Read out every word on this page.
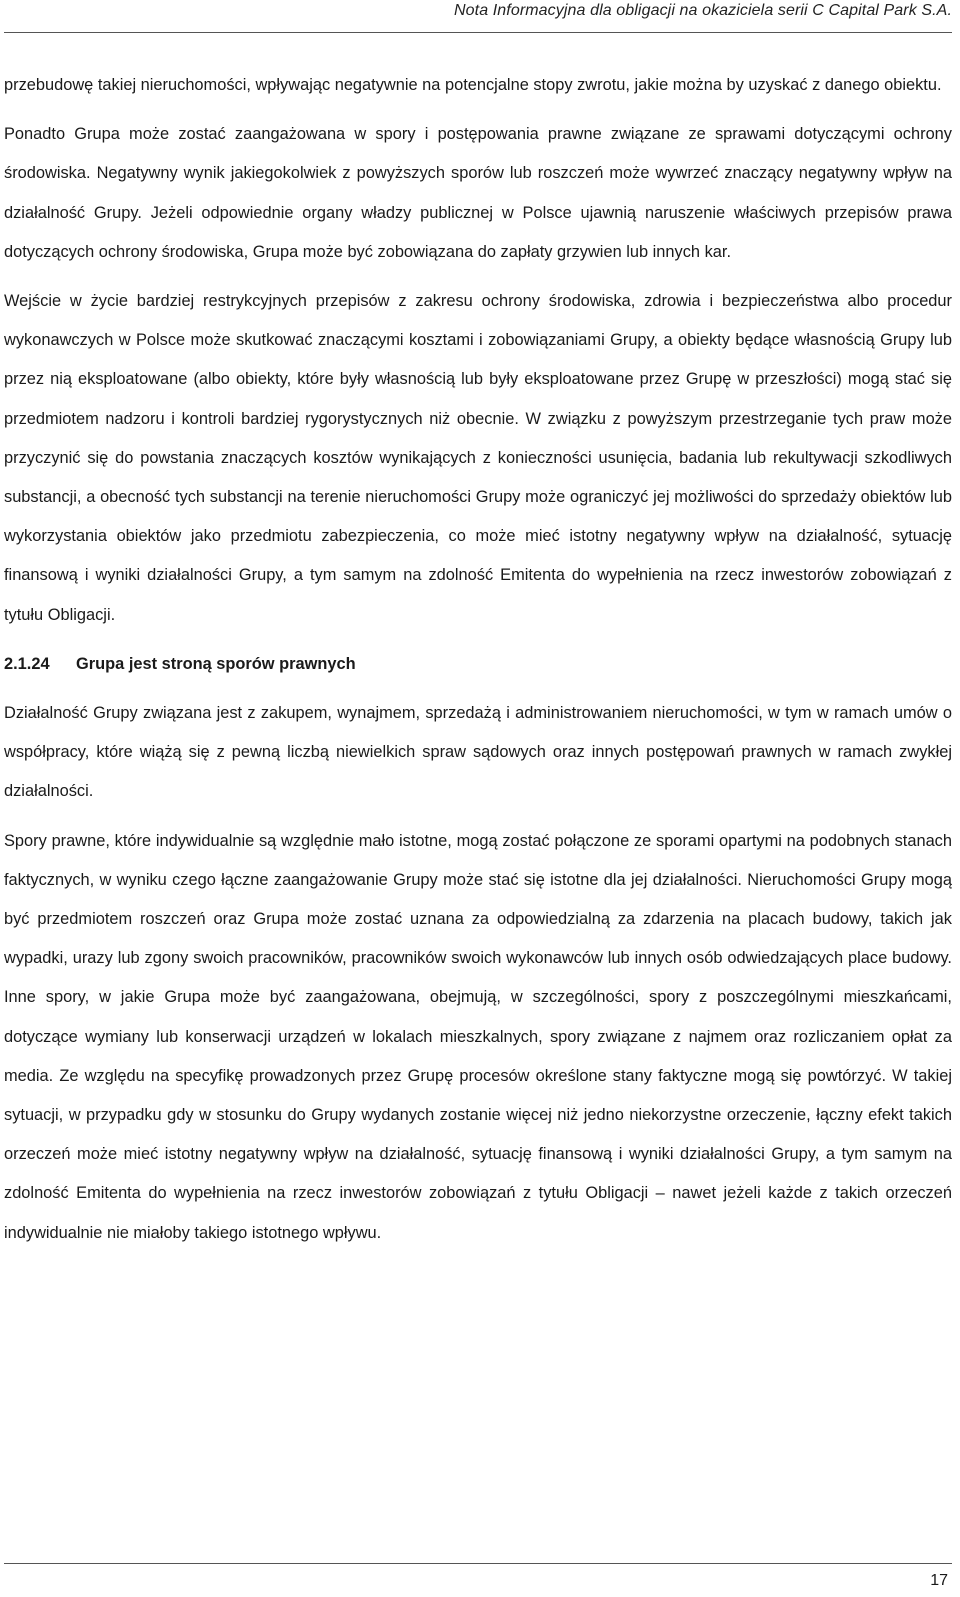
Nota Informacyjna dla obligacji na okaziciela serii C Capital Park S.A.

przebudowę takiej nieruchomości, wpływając negatywnie na potencjalne stopy zwrotu, jakie można by uzyskać z danego obiektu.

Ponadto Grupa może zostać zaangażowana w spory i postępowania prawne związane ze sprawami dotyczącymi ochrony środowiska. Negatywny wynik jakiegokolwiek z powyższych sporów lub roszczeń może wywrzeć znaczący negatywny wpływ na działalność Grupy. Jeżeli odpowiednie organy władzy publicznej w Polsce ujawnią naruszenie właściwych przepisów prawa dotyczących ochrony środowiska, Grupa może być zobowiązana do zapłaty grzywien lub innych kar.

Wejście w życie bardziej restrykcyjnych przepisów z zakresu ochrony środowiska, zdrowia i bezpieczeństwa albo procedur wykonawczych w Polsce może skutkować znaczącymi kosztami i zobowiązaniami Grupy, a obiekty będące własnością Grupy lub przez nią eksploatowane (albo obiekty, które były własnością lub były eksploatowane przez Grupę w przeszłości) mogą stać się przedmiotem nadzoru i kontroli bardziej rygorystycznych niż obecnie. W związku z powyższym przestrzeganie tych praw może przyczynić się do powstania znaczących kosztów wynikających z konieczności usunięcia, badania lub rekultywacji szkodliwych substancji, a obecność tych substancji na terenie nieruchomości Grupy może ograniczyć jej możliwości do sprzedaży obiektów lub wykorzystania obiektów jako przedmiotu zabezpieczenia, co może mieć istotny negatywny wpływ na działalność, sytuację finansową i wyniki działalności Grupy, a tym samym na zdolność Emitenta do wypełnienia na rzecz inwestorów zobowiązań z tytułu Obligacji.

2.1.24 Grupa jest stroną sporów prawnych

Działalność Grupy związana jest z zakupem, wynajmem, sprzedażą i administrowaniem nieruchomości, w tym w ramach umów o współpracy, które wiążą się z pewną liczbą niewielkich spraw sądowych oraz innych postępowań prawnych w ramach zwykłej działalności.

Spory prawne, które indywidualnie są względnie mało istotne, mogą zostać połączone ze sporami opartymi na podobnych stanach faktycznych, w wyniku czego łączne zaangażowanie Grupy może stać się istotne dla jej działalności. Nieruchomości Grupy mogą być przedmiotem roszczeń oraz Grupa może zostać uznana za odpowiedzialną za zdarzenia na placach budowy, takich jak wypadki, urazy lub zgony swoich pracowników, pracowników swoich wykonawców lub innych osób odwiedzających place budowy. Inne spory, w jakie Grupa może być zaangażowana, obejmują, w szczególności, spory z poszczególnymi mieszkańcami, dotyczące wymiany lub konserwacji urządzeń w lokalach mieszkalnych, spory związane z najmem oraz rozliczaniem opłat za media. Ze względu na specyfikę prowadzonych przez Grupę procesów określone stany faktyczne mogą się powtórzyć. W takiej sytuacji, w przypadku gdy w stosunku do Grupy wydanych zostanie więcej niż jedno niekorzystne orzeczenie, łączny efekt takich orzeczeń może mieć istotny negatywny wpływ na działalność, sytuację finansową i wyniki działalności Grupy, a tym samym na zdolność Emitenta do wypełnienia na rzecz inwestorów zobowiązań z tytułu Obligacji – nawet jeżeli każde z takich orzeczeń indywidualnie nie miałoby takiego istotnego wpływu.

17
